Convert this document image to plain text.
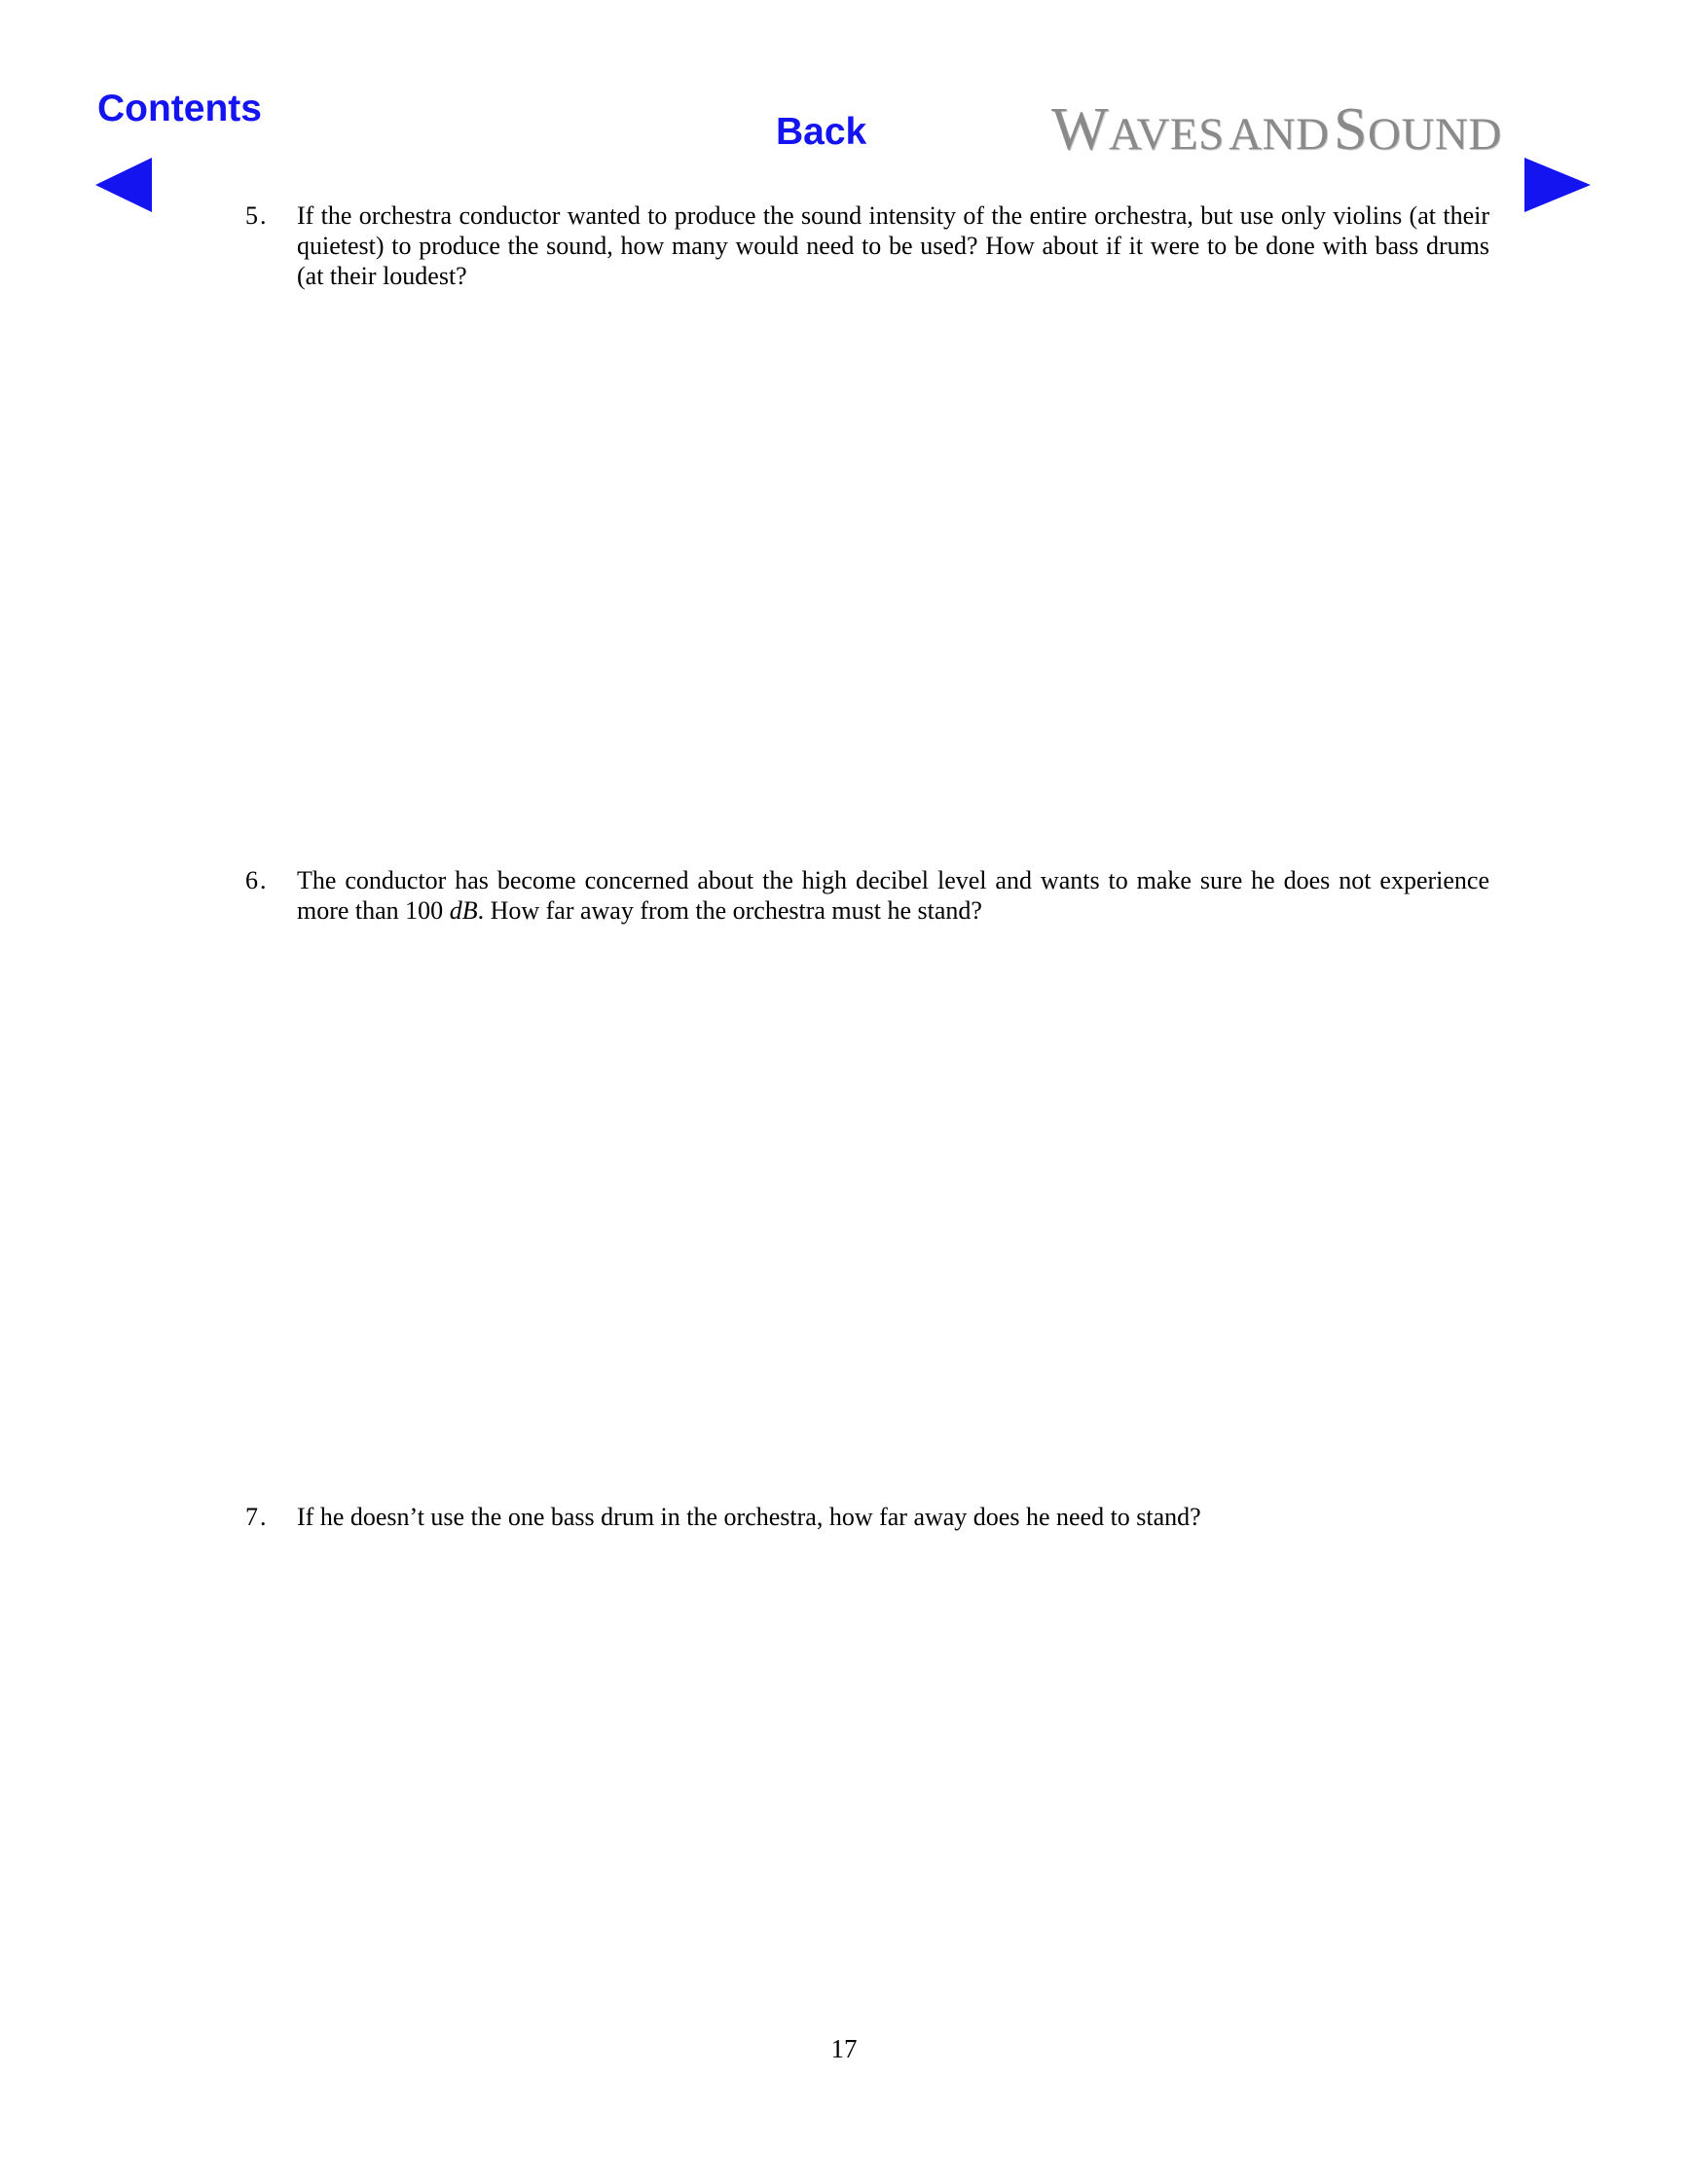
Contents
Back	WAVES AND SOUND
5. If the orchestra conductor wanted to produce the sound intensity of the entire orchestra, but use only violins (at their quietest) to produce the sound, how many would need to be used? How about if it were to be done with bass drums (at their loudest?
6. The conductor has become concerned about the high decibel level and wants to make sure he does not experience more than 100 dB. How far away from the orchestra must he stand?
7. If he doesn’t use the one bass drum in the orchestra, how far away does he need to stand?
17
